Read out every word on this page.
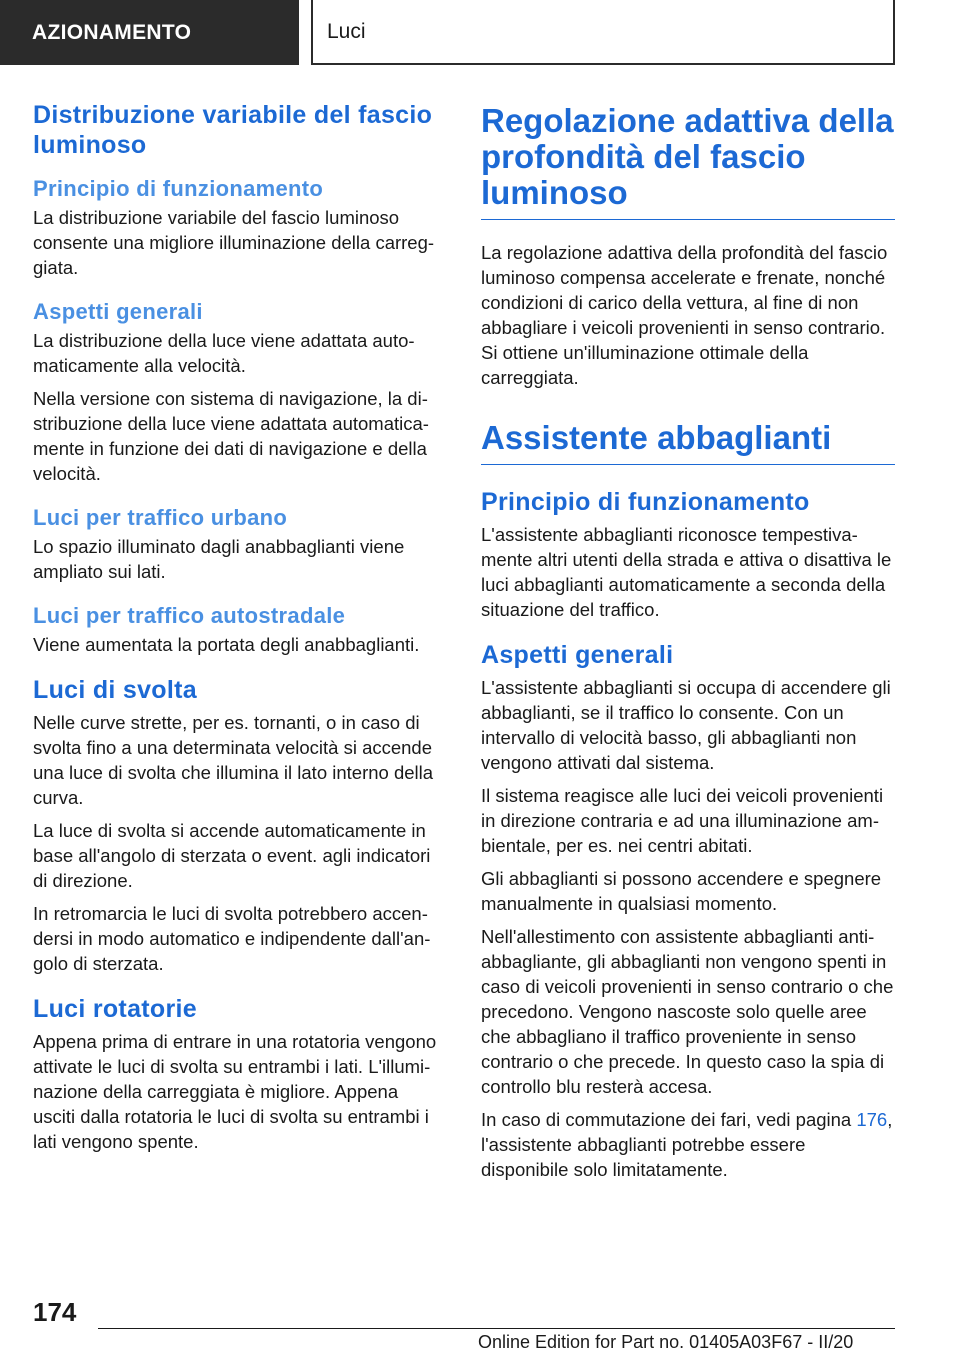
AZIONAMENTO	Luci
Distribuzione variabile del fascio luminoso
Principio di funzionamento

La distribuzione variabile del fascio luminoso consente una migliore illuminazione della carreggiata.

Aspetti generali

La distribuzione della luce viene adattata automaticamente alla velocità.

Nella versione con sistema di navigazione, la distribuzione della luce viene adattata automaticamente in funzione dei dati di navigazione e della velocità.

Luci per traffico urbano

Lo spazio illuminato dagli anabbaglianti viene ampliato sui lati.

Luci per traffico autostradale

Viene aumentata la portata degli anabbaglianti.

Luci di svolta

Nelle curve strette, per es. tornanti, o in caso di svolta fino a una determinata velocità si accende una luce di svolta che illumina il lato interno della curva.

La luce di svolta si accende automaticamente in base all'angolo di sterzata o event. agli indicatori di direzione.

In retromarcia le luci di svolta potrebbero accendersi in modo automatico e indipendente dall'angolo di sterzata.

Luci rotatorie

Appena prima di entrare in una rotatoria vengono attivate le luci di svolta su entrambi i lati. L'illuminazione della carreggiata è migliore. Appena usciti dalla rotatoria le luci di svolta su entrambi i lati vengono spente.

Regolazione adattiva della profondità del fascio luminoso

La regolazione adattiva della profondità del fascio luminoso compensa accelerate e frenate, nonché condizioni di carico della vettura, al fine di non abbagliare i veicoli provenienti in senso contrario. Si ottiene un'illuminazione ottimale della carreggiata.

Assistente abbaglianti
Principio di funzionamento

L'assistente abbaglianti riconosce tempestivamente altri utenti della strada e attiva o disattiva le luci abbaglianti automaticamente a seconda della situazione del traffico.

Aspetti generali

L'assistente abbaglianti si occupa di accendere gli abbaglianti, se il traffico lo consente. Con un intervallo di velocità basso, gli abbaglianti non vengono attivati dal sistema.

Il sistema reagisce alle luci dei veicoli provenienti in direzione contraria e ad una illuminazione ambientale, per es. nei centri abitati.

Gli abbaglianti si possono accendere e spegnere manualmente in qualsiasi momento.

Nell'allestimento con assistente abbaglianti antiabbagliante, gli abbaglianti non vengono spenti in caso di veicoli provenienti in senso contrario o che precedono. Vengono nascoste solo quelle aree che abbagliano il traffico proveniente in senso contrario o che precede. In questo caso la spia di controllo blu resterà accesa.

In caso di commutazione dei fari, vedi pagina 176, l'assistente abbaglianti potrebbe essere disponibile solo limitatamente.

174
Online Edition for Part no. 01405A03F67 - II/20
